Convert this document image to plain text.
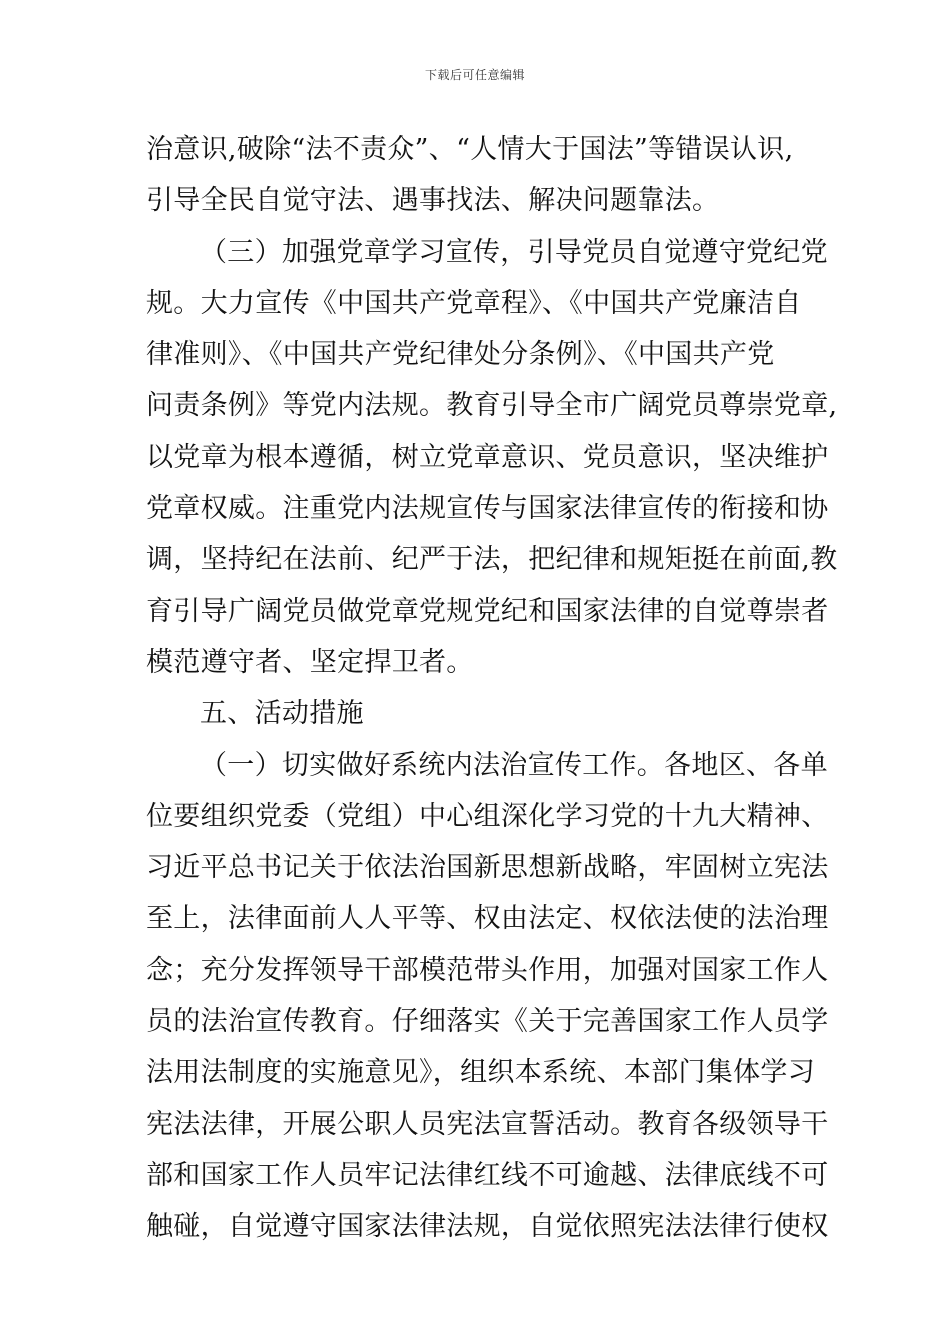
下载后可任意编辑
治意识,破除“法不责众”、“人情大于国法”等错误认识,
引导全民自觉守法、遇事找法、解决问题靠法。
（三）加强党章学习宣传，引导党员自觉遵守党纪党
规。大力宣传《中国共产党章程》、《中国共产党廉洁自
律准则》、《中国共产党纪律处分条例》、《中国共产党
问责条例》等党内法规。教育引导全市广阔党员尊崇党章,
以党章为根本遵循，树立党章意识、党员意识，坚决维护
党章权威。注重党内法规宣传与国家法律宣传的衔接和协
调，坚持纪在法前、纪严于法，把纪律和规矩挺在前面,教
育引导广阔党员做党章党规党纪和国家法律的自觉尊崇者
模范遵守者、坚定捍卫者。
五、活动措施
（一）切实做好系统内法治宣传工作。各地区、各单
位要组织党委（党组）中心组深化学习党的十九大精神、
习近平总书记关于依法治国新思想新战略，牢固树立宪法
至上，法律面前人人平等、权由法定、权依法使的法治理
念；充分发挥领导干部模范带头作用，加强对国家工作人
员的法治宣传教育。仔细落实《关于完善国家工作人员学
法用法制度的实施意见》，组织本系统、本部门集体学习
宪法法律，开展公职人员宪法宣誓活动。教育各级领导干
部和国家工作人员牢记法律红线不可逾越、法律底线不可
触碰，自觉遵守国家法律法规，自觉依照宪法法律行使权
